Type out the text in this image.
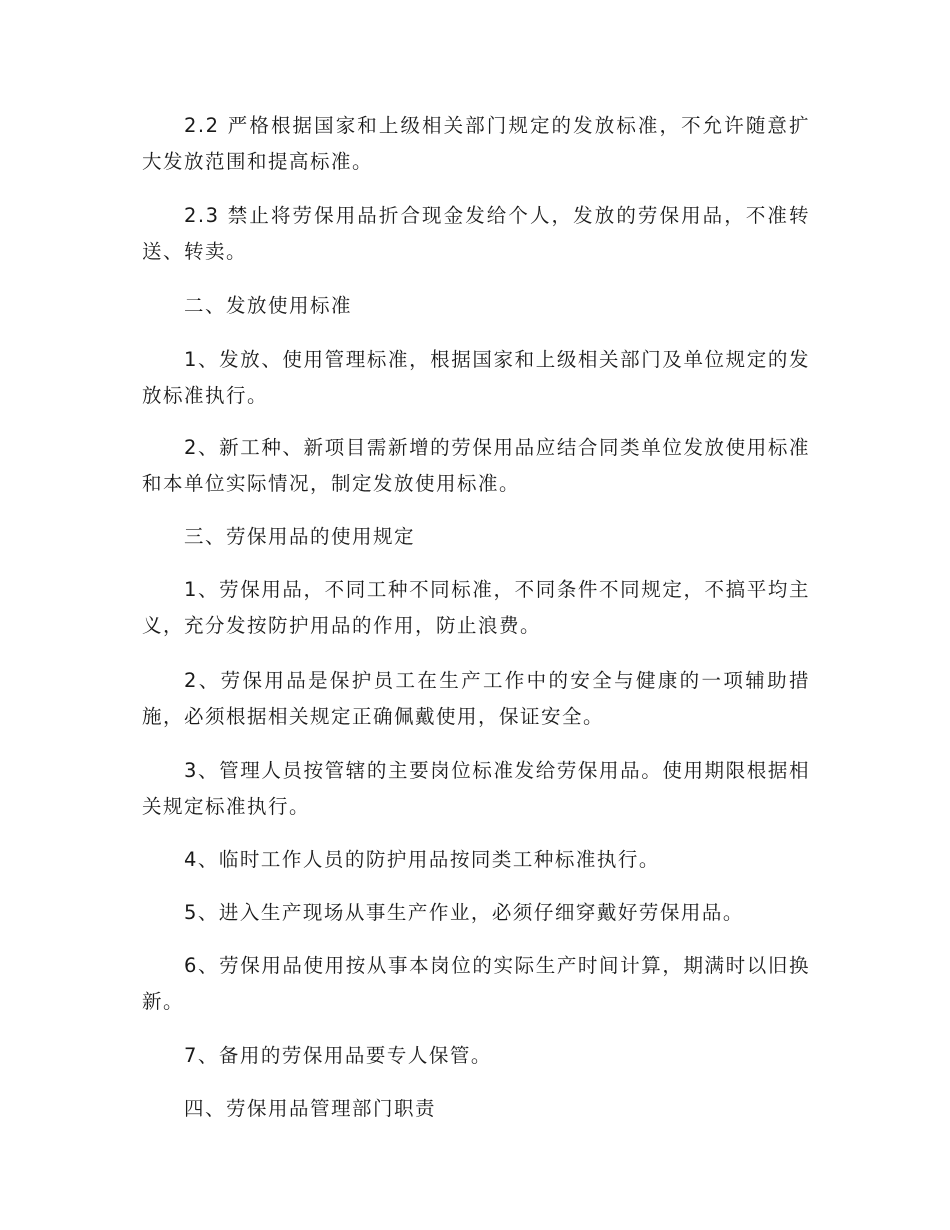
2.2 严格根据国家和上级相关部门规定的发放标准，不允许随意扩大发放范围和提高标准。

2.3 禁止将劳保用品折合现金发给个人，发放的劳保用品，不准转送、转卖。

二、发放使用标准

1、发放、使用管理标准，根据国家和上级相关部门及单位规定的发放标准执行。

2、新工种、新项目需新增的劳保用品应结合同类单位发放使用标准和本单位实际情况，制定发放使用标准。

三、劳保用品的使用规定

1、劳保用品，不同工种不同标准，不同条件不同规定，不搞平均主义，充分发按防护用品的作用，防止浪费。

2、劳保用品是保护员工在生产工作中的安全与健康的一项辅助措施，必须根据相关规定正确佩戴使用，保证安全。

3、管理人员按管辖的主要岗位标准发给劳保用品。使用期限根据相关规定标准执行。

4、临时工作人员的防护用品按同类工种标准执行。

5、进入生产现场从事生产作业，必须仔细穿戴好劳保用品。

6、劳保用品使用按从事本岗位的实际生产时间计算，期满时以旧换新。

7、备用的劳保用品要专人保管。

四、劳保用品管理部门职责
